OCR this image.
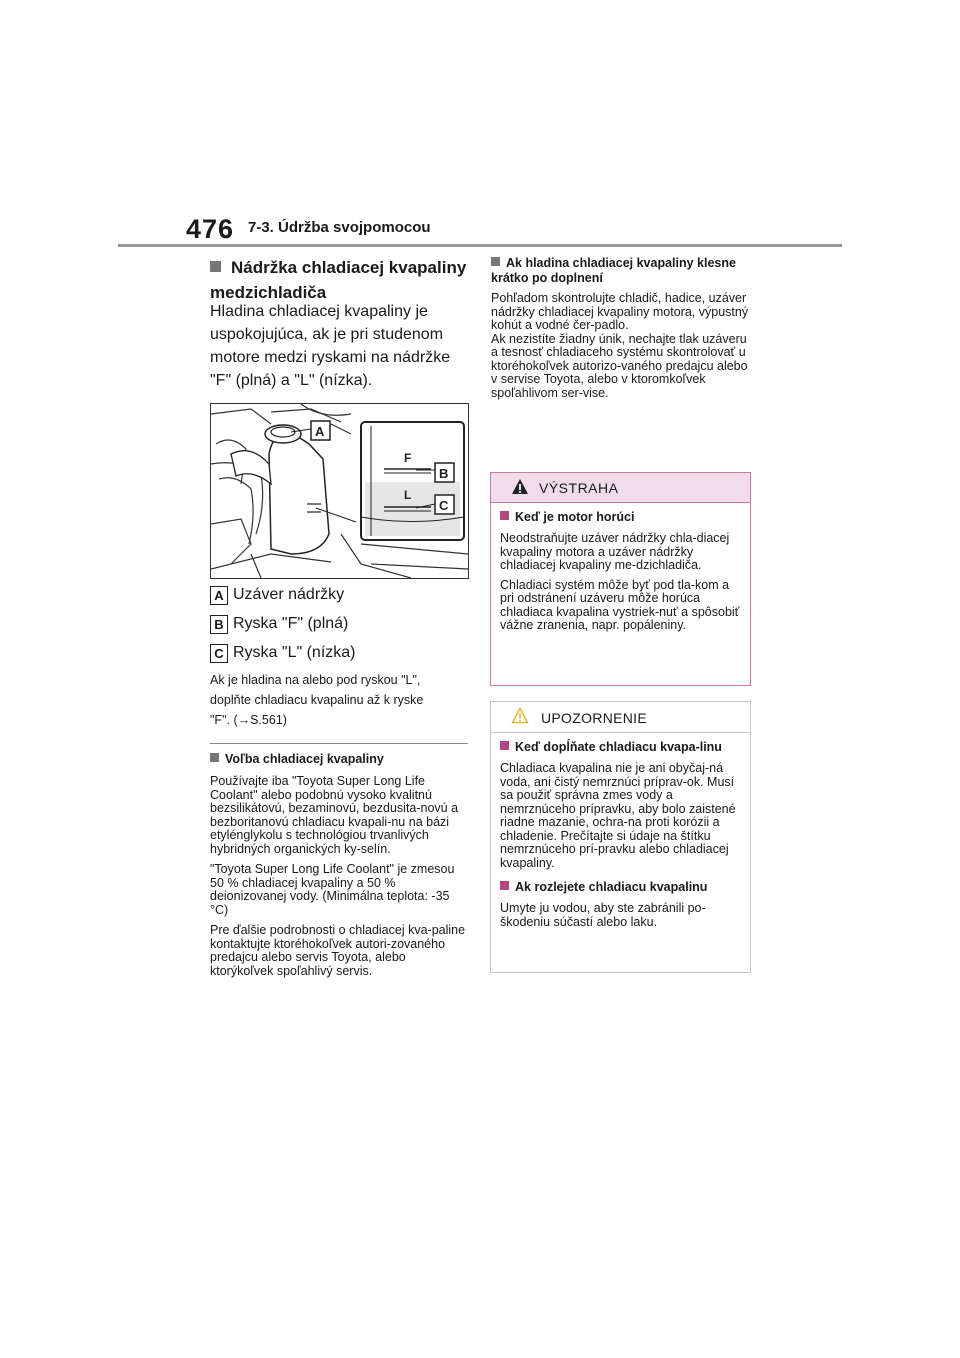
476 7-3. Údržba svojpomocou
Nádržka chladiacej kvapaliny medzichladiča
Hladina chladiacej kvapaliny je uspokojujúca, ak je pri studenom motore medzi ryskami na nádržke "F" (plná) a "L" (nízka).
F
L
A
B
C
A Uzáver nádržky
B Ryska "F" (plná)
C Ryska "L" (nízka)
Ak je hladina na alebo pod ryskou "L",
doplňte chladiacu kvapalinu až k ryske
"F". (→S.561)
Voľba chladiacej kvapaliny

Používajte iba "Toyota Super Long Life Coolant" alebo podobnú vysoko kvalitnú bezsilikátovú, bezaminovú, bezdusita-novú a bezboritanovú chladiacu kvapali-nu na bázi etylénglykolu s technológiou trvanlivých hybridných organických ky-selín.

"Toyota Super Long Life Coolant" je zmesou 50 % chladiacej kvapaliny a 50 % deionizovanej vody. (Minimálna teplota: -35 °C)

Pre ďalšie podrobnosti o chladiacej kva-paline kontaktujte ktoréhokoľvek autori-zovaného predajcu alebo servis Toyota, alebo ktorýkoľvek spoľahlivý servis.

Ak hladina chladiacej kvapaliny klesne krátko po doplnení

Pohľadom skontrolujte chladič, hadice, uzáver nádržky chladiacej kvapaliny motora, výpustný kohút a vodné čer-padlo.

Ak nezistíte žiadny únik, nechajte tlak uzáveru a tesnosť chladiaceho systému skontrolovať u ktoréhokoľvek autorizo-vaného predajcu alebo v servise Toyota, alebo v ktoromkoľvek spoľahlivom ser-vise.

VÝSTRAHA
Keď je motor horúci

Neodstraňujte uzáver nádržky chla-diacej kvapaliny motora a uzáver nádržky chladiacej kvapaliny me-dzichladiča.

Chladiaci systém môže byť pod tla-kom a pri odstránení uzáveru môže horúca chladiaca kvapalina vystriek-nuť a spôsobiť vážne zranenia, napr. popáleniny.

UPOZORNENIE
Keď dopĺňate chladiacu kvapa-linu

Chladiaca kvapalina nie je ani obyčaj-ná voda, ani čistý nemrznúci príprav-ok. Musí sa použiť správna zmes vody a nemrznúceho prípravku, aby bolo zaistené riadne mazanie, ochra-na proti korózii a chladenie. Prečítajte si údaje na štítku nemrznúceho prí-pravku alebo chladiacej kvapaliny.

Ak rozlejete chladiacu kvapalinu

Umyte ju vodou, aby ste zabránili po-škodeniu súčastí alebo laku.
